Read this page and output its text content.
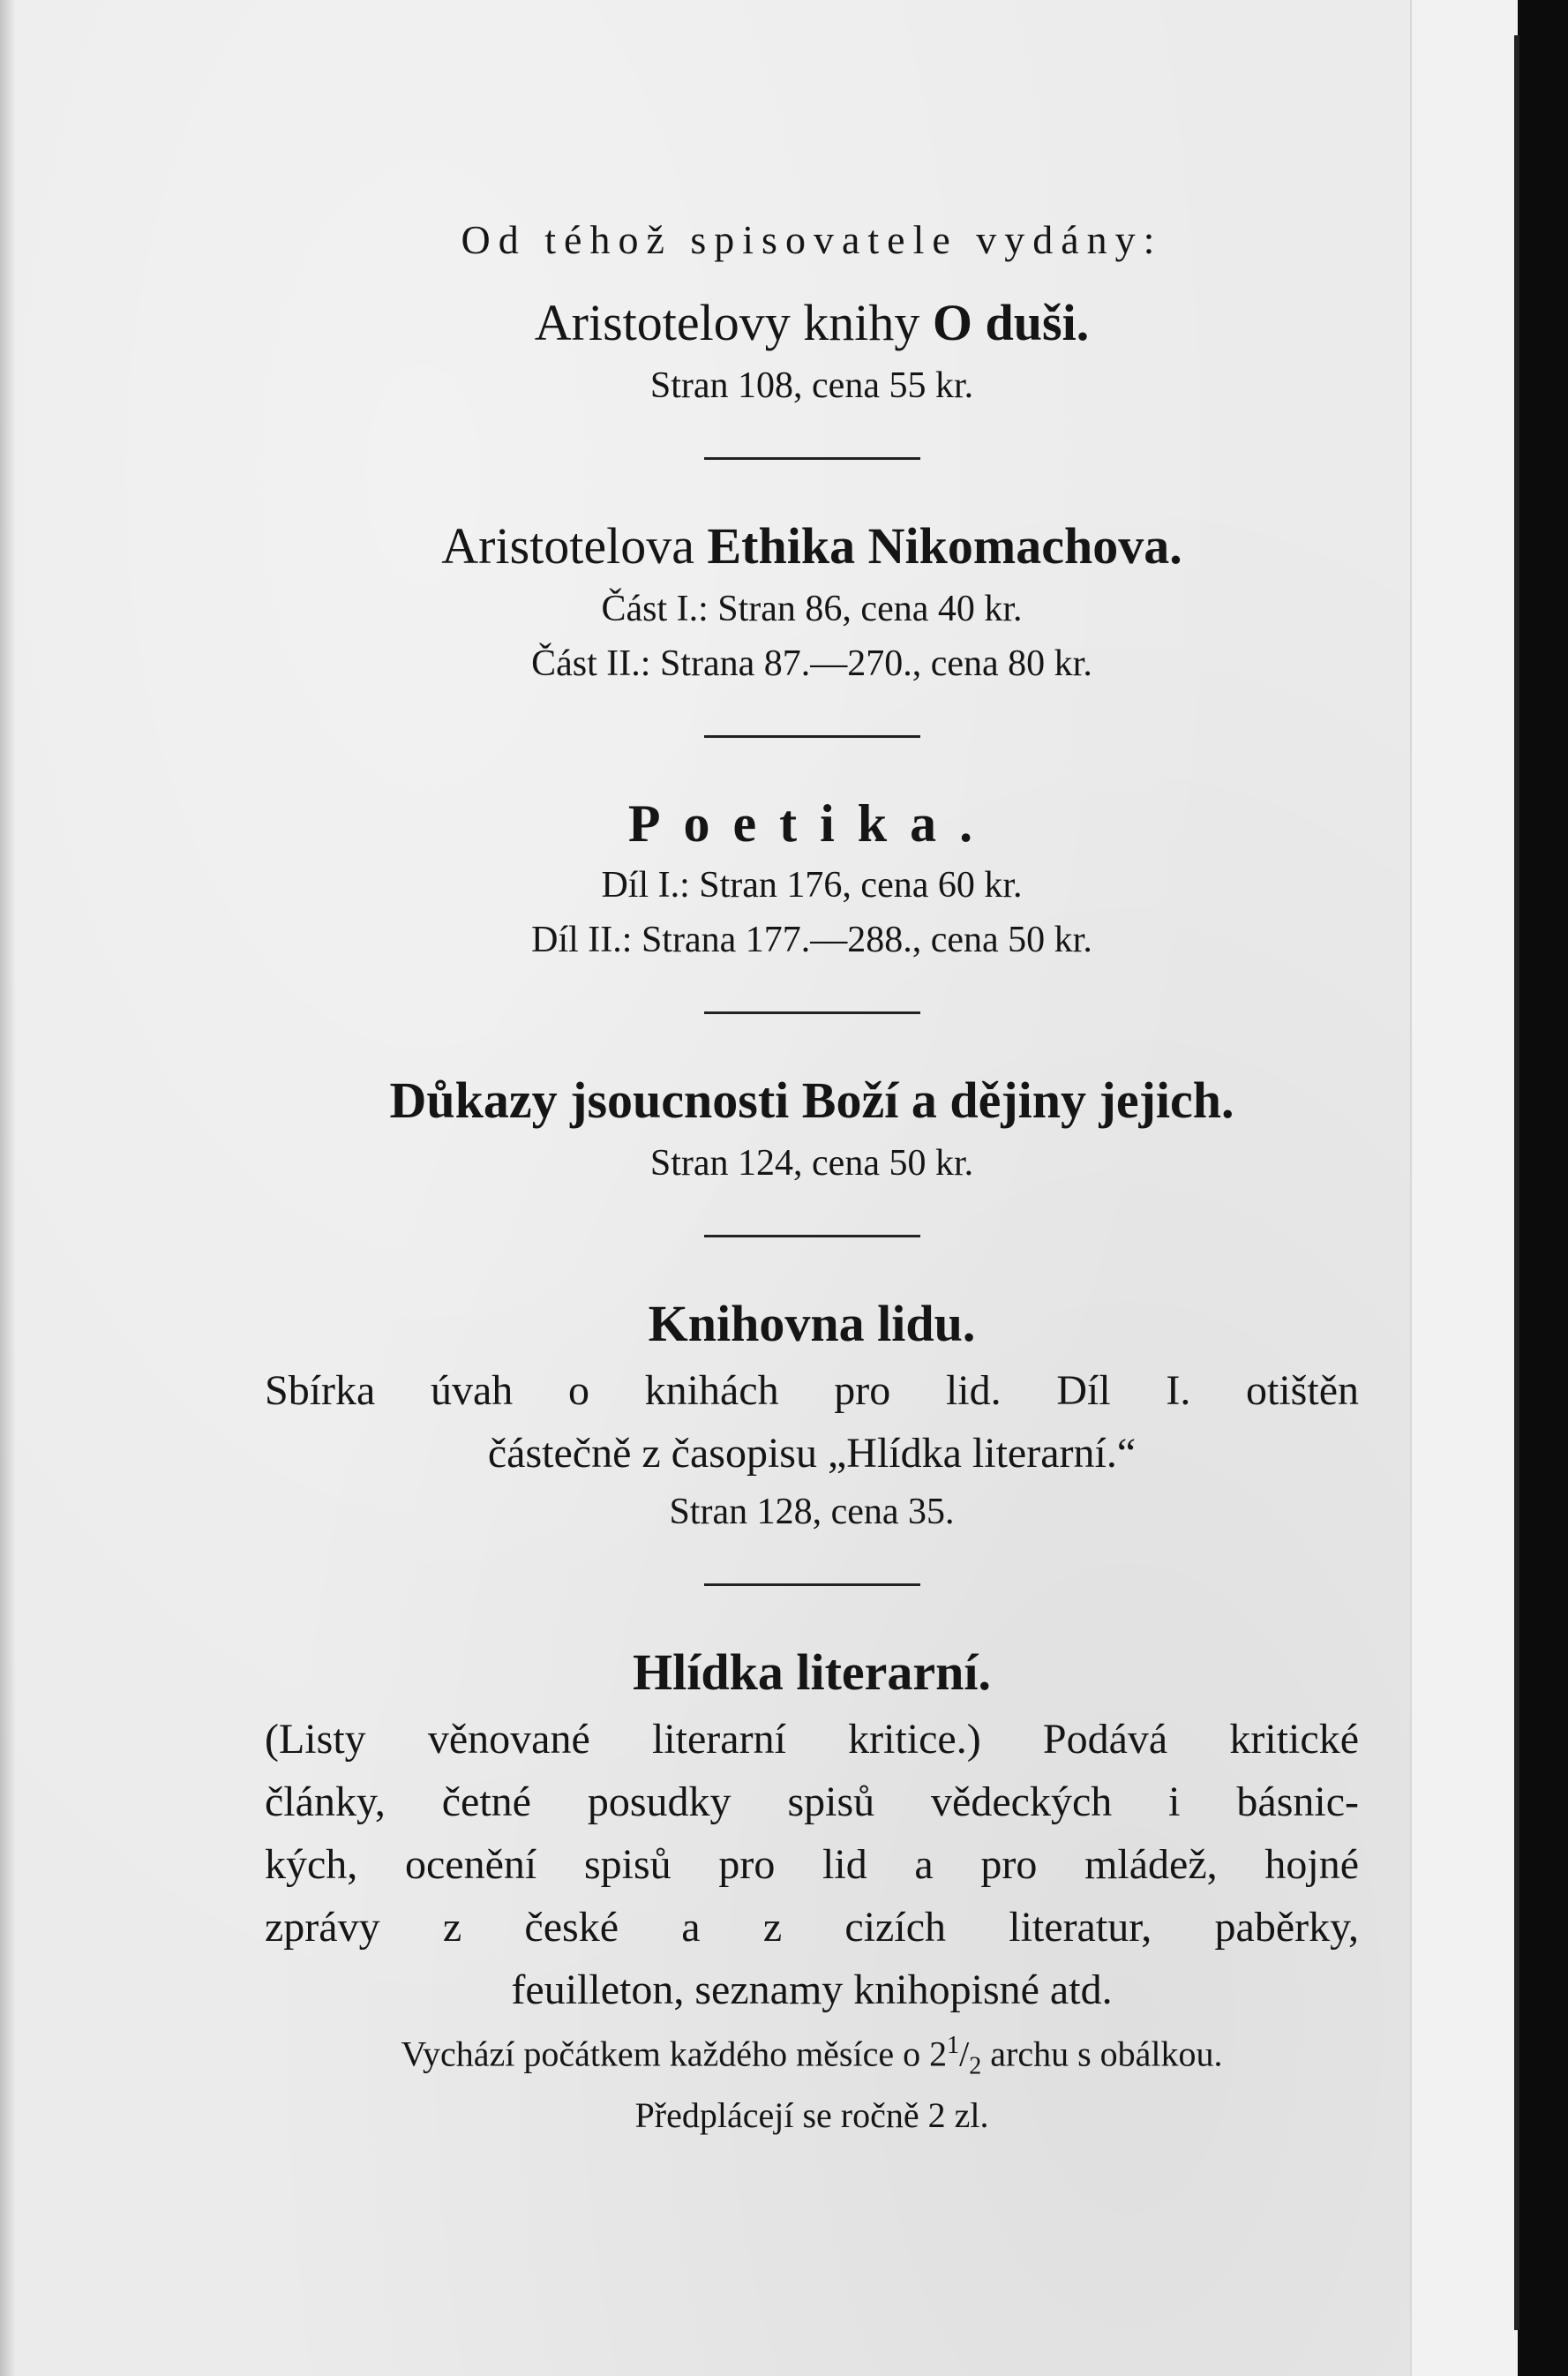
Od téhož spisovatele vydány:
Aristotelovy knihy O duši.
Stran 108, cena 55 kr.
Aristotelova Ethika Nikomachova.
Část I.: Stran 86, cena 40 kr.
Část II.: Strana 87.—270., cena 80 kr.
Poetika.
Díl I.: Stran 176, cena 60 kr.
Díl II.: Strana 177.—288., cena 50 kr.
Důkazy jsoucnosti Boží a dějiny jejich.
Stran 124, cena 50 kr.
Knihovna lidu.
Sbírka úvah o knihách pro lid. Díl I. otištěn
částečně z časopisu „Hlídka literarní.“
Stran 128, cena 35.
Hlídka literarní.
(Listy věnované literarní kritice.) Podává kritické
články, četné posudky spisů vědeckých i básnic-
kých, ocenění spisů pro lid a pro mládež, hojné
zprávy z české a z cizích literatur, paběrky,
feuilleton, seznamy knihopisné atd.
Vychází počátkem každého měsíce o $2^1/_2$ archu s obálkou.
Předplácejí se ročně 2 zl.
